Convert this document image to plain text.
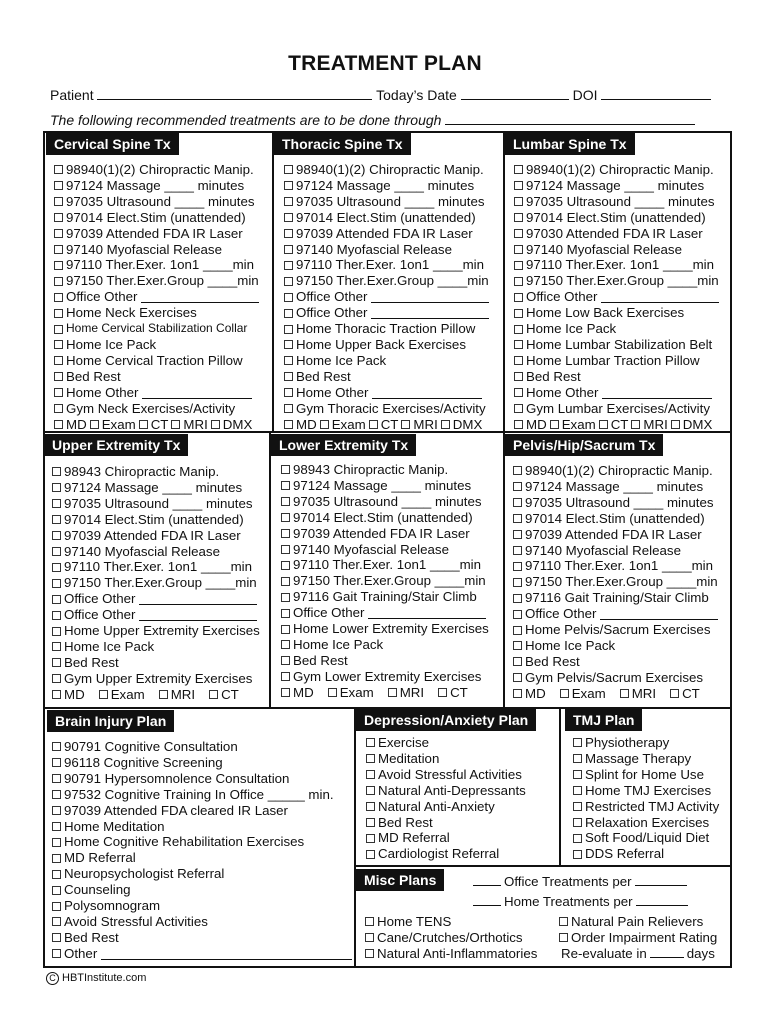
TREATMENT PLAN
Patient	Today’s Date	DOI
The following recommended treatments are to be done through
Cervical Spine Tx	Thoracic Spine Tx	Lumbar Spine Tx
Upper Extremity Tx	Lower Extremity Tx	Pelvis/Hip/Sacrum Tx
Brain Injury Plan	Depression/Anxiety Plan	TMJ Plan
Misc Plans
98940(1)(2) Chiropractic Manip.
97124 Massage ____ minutes
97035 Ultrasound ____ minutes
97014 Elect.Stim (unattended)
97039 Attended FDA IR Laser
97140 Myofascial Release
97110 Ther.Exer. 1on1 ____min
97150 Ther.Exer.Group ____min
Office Other
Home Neck Exercises
Home Cervical Stabilization Collar
Home Ice Pack
Home Cervical Traction Pillow
Bed Rest
Home Other
Gym Neck Exercises/Activity
MD Exam CT MRI DMX
98940(1)(2) Chiropractic Manip.
97124 Massage ____ minutes
97035 Ultrasound ____ minutes
97014 Elect.Stim (unattended)
97039 Attended FDA IR Laser
97140 Myofascial Release
97110 Ther.Exer. 1on1 ____min
97150 Ther.Exer.Group ____min
Office Other
Office Other
Home Thoracic Traction Pillow
Home Upper Back Exercises
Home Ice Pack
Bed Rest
Home Other
Gym Thoracic Exercises/Activity
MD Exam CT MRI DMX
98940(1)(2) Chiropractic Manip.
97124 Massage ____ minutes
97035 Ultrasound ____ minutes
97014 Elect.Stim (unattended)
97030 Attended FDA IR Laser
97140 Myofascial Release
97110 Ther.Exer. 1on1 ____min
97150 Ther.Exer.Group ____min
Office Other
Home Low Back Exercises
Home Ice Pack
Home Lumbar Stabilization Belt
Home Lumbar Traction Pillow
Bed Rest
Home Other
Gym Lumbar Exercises/Activity
MD Exam CT MRI DMX
98943 Chiropractic Manip.
97124 Massage ____ minutes
97035 Ultrasound ____ minutes
97014 Elect.Stim (unattended)
97039 Attended FDA IR Laser
97140 Myofascial Release
97110 Ther.Exer. 1on1 ____min
97150 Ther.Exer.Group ____min
Office Other
Office Other
Home Upper Extremity Exercises
Home Ice Pack
Bed Rest
Gym Upper Extremity Exercises
MD Exam MRI CT
98943 Chiropractic Manip.
97124 Massage ____ minutes
97035 Ultrasound ____ minutes
97014 Elect.Stim (unattended)
97039 Attended FDA IR Laser
97140 Myofascial Release
97110 Ther.Exer. 1on1 ____min
97150 Ther.Exer.Group ____min
97116 Gait Training/Stair Climb
Office Other
Home Lower Extremity Exercises
Home Ice Pack
Bed Rest
Gym Lower Extremity Exercises
MD Exam MRI CT
98940(1)(2) Chiropractic Manip.
97124 Massage ____ minutes
97035 Ultrasound ____ minutes
97014 Elect.Stim (unattended)
97039 Attended FDA IR Laser
97140 Myofascial Release
97110 Ther.Exer. 1on1 ____min
97150 Ther.Exer.Group ____min
97116 Gait Training/Stair Climb
Office Other
Home Pelvis/Sacrum Exercises
Home Ice Pack
Bed Rest
Gym Pelvis/Sacrum Exercises
MD Exam MRI CT
90791 Cognitive Consultation
96118 Cognitive Screening
90791 Hypersomnolence Consultation
97532 Cognitive Training In Office _____ min.
97039 Attended FDA cleared IR Laser
Home Meditation
Home Cognitive Rehabilitation Exercises
MD Referral
Neuropsychologist Referral
Counseling
Polysomnogram
Avoid Stressful Activities
Bed Rest
Other
Exercise
Meditation
Avoid Stressful Activities
Natural Anti-Depressants
Natural Anti-Anxiety
Bed Rest
MD Referral
Cardiologist Referral
Physiotherapy
Massage Therapy
Splint for Home Use
Home TMJ Exercises
Restricted TMJ Activity
Relaxation Exercises
Soft Food/Liquid Diet
DDS Referral
Office Treatments per
Home Treatments per
Home TENS
Cane/Crutches/Orthotics
Natural Anti-Inflammatories
Natural Pain Relievers
Order Impairment Rating
Re-evaluate in	days
C HBTInstitute.com
